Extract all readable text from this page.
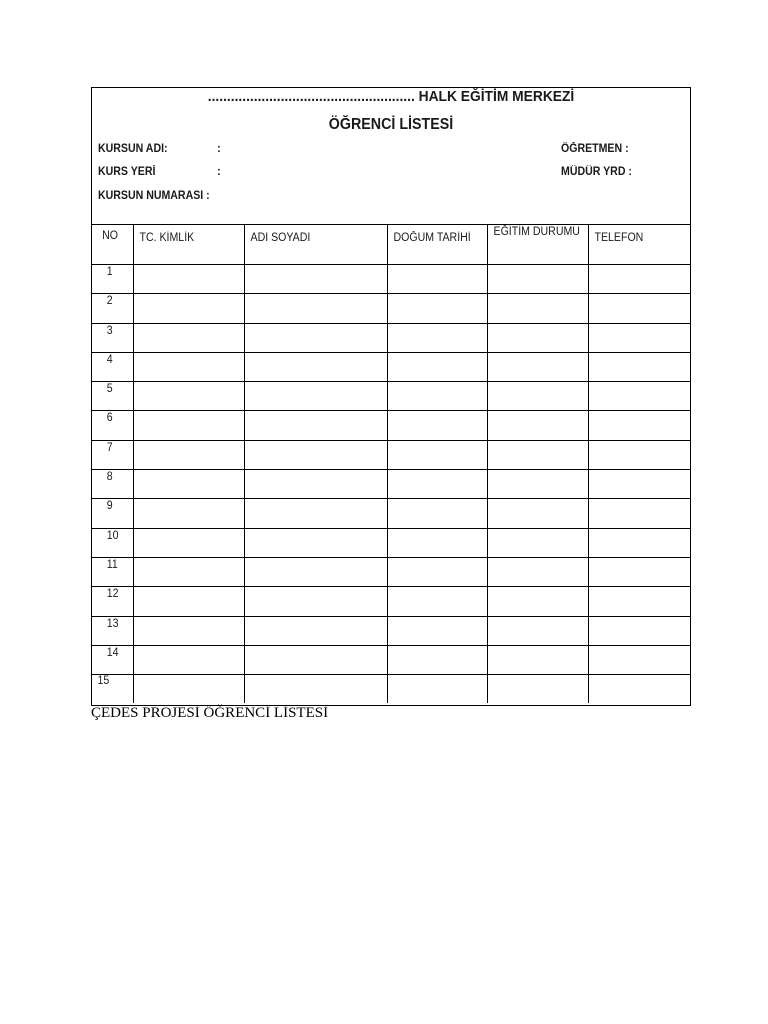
...................................................... HALK EĞİTİM MERKEZİ
ÖĞRENCİ LİSTESİ
KURSUN ADI:	:
KURS YERİ	:
KURSUN NUMARASI :
ÖĞRETMEN :
MÜDÜR YRD :
NO	TC. KİMLİK	ADI SOYADI	DOĞUM TARİHİ	EĞİTİM DURUMU	TELEFON

1					

2					

3					

4					

5					

6					

7					

8					

9					

10					

11					

12					

13					

14					

15					

ÇEDES PROJESİ ÖĞRENCİ LİSTESİ
